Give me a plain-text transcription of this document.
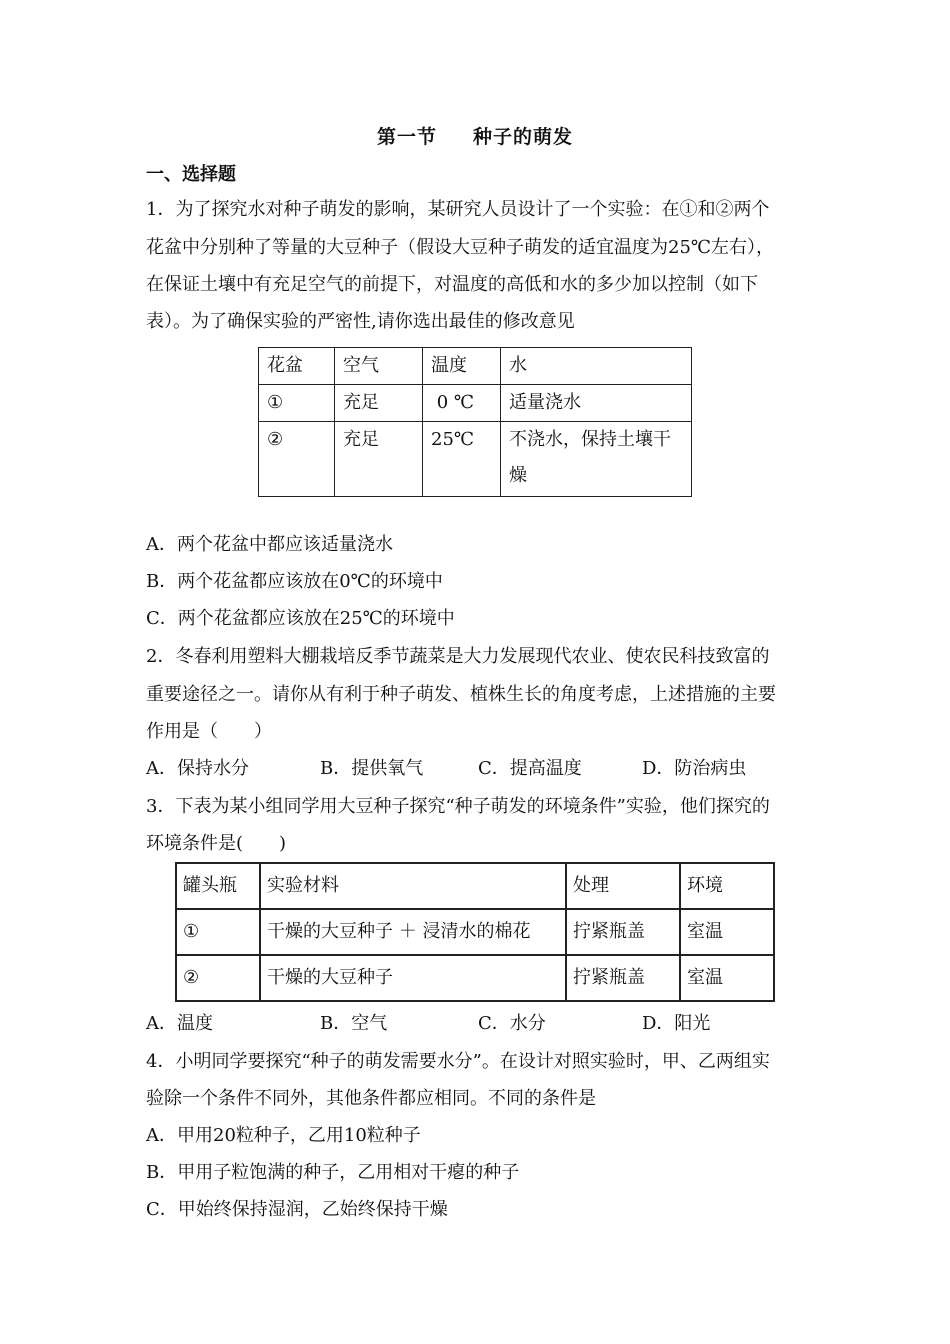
第一节 种子的萌发
一、选择题
1．为了探究水对种子萌发的影响，某研究人员设计了一个实验：在①和②两个
花盆中分别种了等量的大豆种子（假设大豆种子萌发的适宜温度为25℃左右），
在保证土壤中有充足空气的前提下，对温度的高低和水的多少加以控制（如下
表）。为了确保实验的严密性,请你选出最佳的修改意见
花盆	空气	温度	水
①	充足	0 ℃	适量浇水
②	充足	25℃	不浇水，保持土壤干燥
A．两个花盆中都应该适量浇水
B．两个花盆都应该放在0℃的环境中
C．两个花盆都应该放在25℃的环境中
2．冬春利用塑料大棚栽培反季节蔬菜是大力发展现代农业、使农民科技致富的
重要途径之一。请你从有利于种子萌发、植株生长的角度考虑，上述措施的主要
作用是（　　）
A．保持水分	B．提供氧气	C．提高温度	D．防治病虫
3．下表为某小组同学用大豆种子探究“种子萌发的环境条件”实验，他们探究的
环境条件是(　　)
罐头瓶	实验材料	处理	环境
①	干燥的大豆种子 ＋ 浸清水的棉花	拧紧瓶盖	室温
②	干燥的大豆种子	拧紧瓶盖	室温
A．温度	B．空气	C．水分	D．阳光
4．小明同学要探究“种子的萌发需要水分”。在设计对照实验时，甲、乙两组实
验除一个条件不同外，其他条件都应相同。不同的条件是
A．甲用20粒种子，乙用10粒种子
B．甲用子粒饱满的种子，乙用相对干瘪的种子
C．甲始终保持湿润，乙始终保持干燥
